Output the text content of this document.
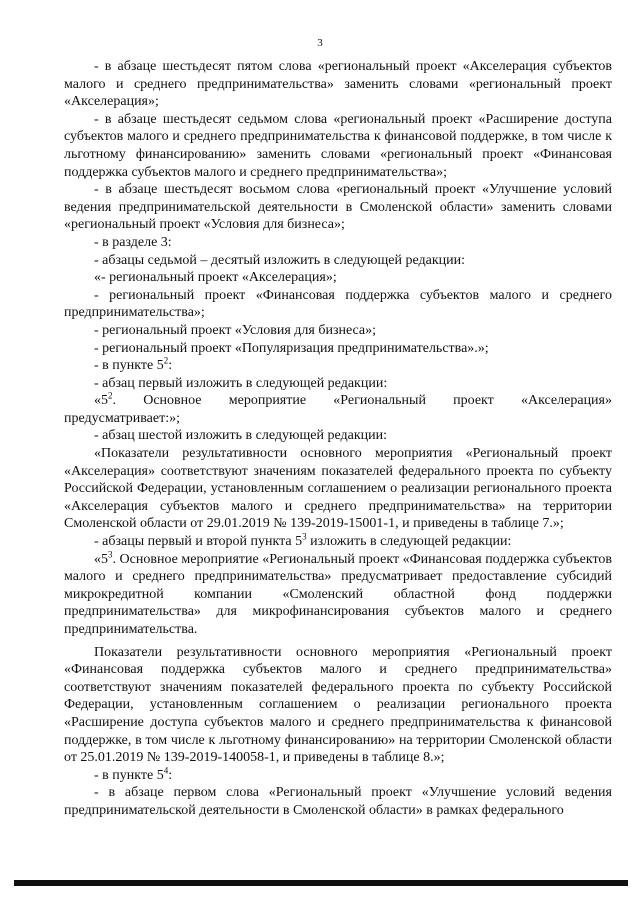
3
- в абзаце шестьдесят пятом слова «региональный проект «Акселерация субъектов малого и среднего предпринимательства» заменить словами «региональный проект «Акселерация»;
- в абзаце шестьдесят седьмом слова «региональный проект «Расширение доступа субъектов малого и среднего предпринимательства к финансовой поддержке, в том числе к льготному финансированию» заменить словами «региональный проект «Финансовая поддержка субъектов малого и среднего предпринимательства»;
- в абзаце шестьдесят восьмом слова «региональный проект «Улучшение условий ведения предпринимательской деятельности в Смоленской области» заменить словами «региональный проект «Условия для бизнеса»;
- в разделе 3:
- абзацы седьмой – десятый изложить в следующей редакции:
«- региональный проект «Акселерация»;
- региональный проект «Финансовая поддержка субъектов малого и среднего предпринимательства»;
- региональный проект «Условия для бизнеса»;
- региональный проект «Популяризация предпринимательства».»;
- в пункте $5^2$:
- абзац первый изложить в следующей редакции:
«$5^2$. Основное мероприятие «Региональный проект «Акселерация» предусматривает:»;
- абзац шестой изложить в следующей редакции:
«Показатели результативности основного мероприятия «Региональный проект «Акселерация» соответствуют значениям показателей федерального проекта по субъекту Российской Федерации, установленным соглашением о реализации регионального проекта «Акселерация субъектов малого и среднего предпринимательства» на территории Смоленской области от 29.01.2019 № 139-2019-15001-1, и приведены в таблице 7.»;
- абзацы первый и второй пункта $5^3$ изложить в следующей редакции:
«$5^3$. Основное мероприятие «Региональный проект «Финансовая поддержка субъектов малого и среднего предпринимательства» предусматривает предоставление субсидий микрокредитной компании «Смоленский областной фонд поддержки предпринимательства» для микрофинансирования субъектов малого и среднего предпринимательства.
Показатели результативности основного мероприятия «Региональный проект «Финансовая поддержка субъектов малого и среднего предпринимательства» соответствуют значениям показателей федерального проекта по субъекту Российской Федерации, установленным соглашением о реализации регионального проекта «Расширение доступа субъектов малого и среднего предпринимательства к финансовой поддержке, в том числе к льготному финансированию» на территории Смоленской области от 25.01.2019 № 139-2019-140058-1, и приведены в таблице 8.»;
- в пункте $5^4$:
- в абзаце первом слова «Региональный проект «Улучшение условий ведения предпринимательской деятельности в Смоленской области» в рамках федерального
